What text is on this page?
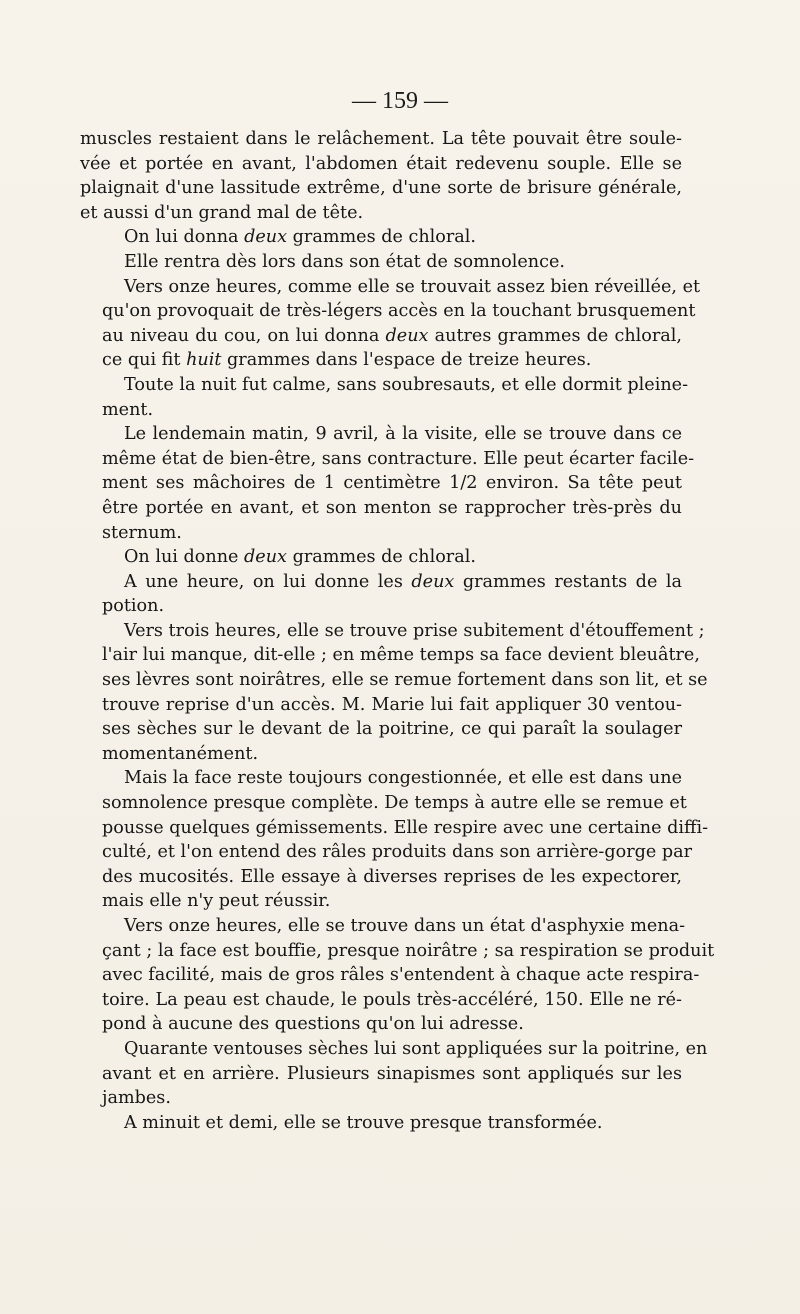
— 159 —
muscles restaient dans le relâchement. La tête pouvait être soule-
vée et portée en avant, l'abdomen était redevenu souple. Elle se
plaignait d'une lassitude extrême, d'une sorte de brisure générale,
et aussi d'un grand mal de tête.
On lui donna deux grammes de chloral.
Elle rentra dès lors dans son état de somnolence.
Vers onze heures, comme elle se trouvait assez bien réveillée, et
qu'on provoquait de très-légers accès en la touchant brusquement
au niveau du cou, on lui donna deux autres grammes de chloral,
ce qui fit huit grammes dans l'espace de treize heures.
Toute la nuit fut calme, sans soubresauts, et elle dormit pleine-
ment.
Le lendemain matin, 9 avril, à la visite, elle se trouve dans ce
même état de bien-être, sans contracture. Elle peut écarter facile-
ment ses mâchoires de 1 centimètre 1/2 environ. Sa tête peut
être portée en avant, et son menton se rapprocher très-près du
sternum.
On lui donne deux grammes de chloral.
A une heure, on lui donne les deux grammes restants de la
potion.
Vers trois heures, elle se trouve prise subitement d'étouffement ;
l'air lui manque, dit-elle ; en même temps sa face devient bleuâtre,
ses lèvres sont noirâtres, elle se remue fortement dans son lit, et se
trouve reprise d'un accès. M. Marie lui fait appliquer 30 ventou-
ses sèches sur le devant de la poitrine, ce qui paraît la soulager
momentanément.
Mais la face reste toujours congestionnée, et elle est dans une
somnolence presque complète. De temps à autre elle se remue et
pousse quelques gémissements. Elle respire avec une certaine diffi-
culté, et l'on entend des râles produits dans son arrière-gorge par
des mucosités. Elle essaye à diverses reprises de les expectorer,
mais elle n'y peut réussir.
Vers onze heures, elle se trouve dans un état d'asphyxie mena-
çant ; la face est bouffie, presque noirâtre ; sa respiration se produit
avec facilité, mais de gros râles s'entendent à chaque acte respira-
toire. La peau est chaude, le pouls très-accéléré, 150. Elle ne ré-
pond à aucune des questions qu'on lui adresse.
Quarante ventouses sèches lui sont appliquées sur la poitrine, en
avant et en arrière. Plusieurs sinapismes sont appliqués sur les
jambes.
A minuit et demi, elle se trouve presque transformée.
